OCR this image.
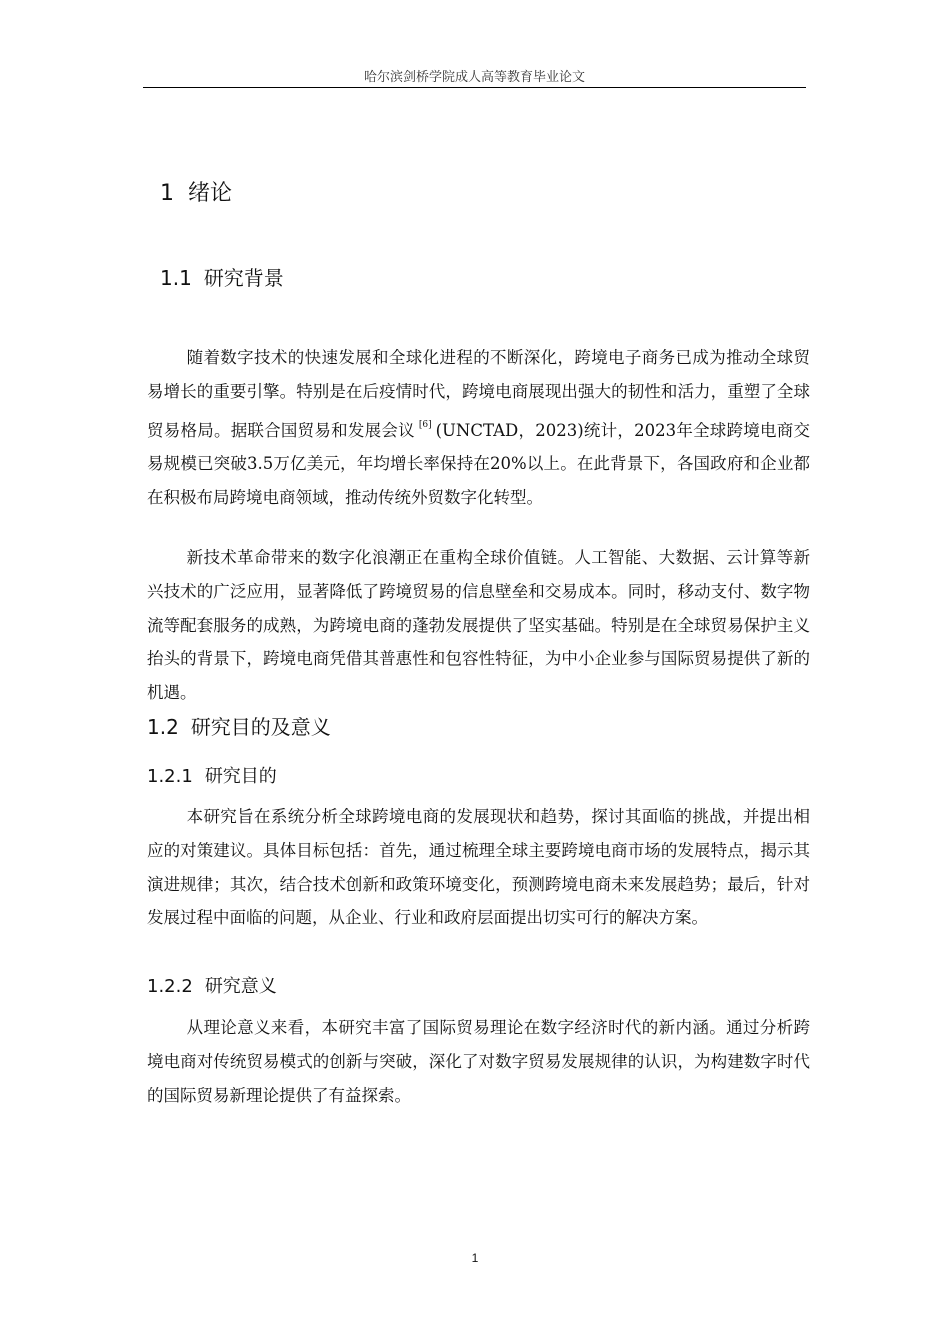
哈尔滨剑桥学院成人高等教育毕业论文
1 绪论
1.1 研究背景

随着数字技术的快速发展和全球化进程的不断深化，跨境电子商务已成为推动全球贸易增长的重要引擎。特别是在后疫情时代，跨境电商展现出强大的韧性和活力，重塑了全球贸易格局。据联合国贸易和发展会议 [6] (UNCTAD，2023)统计，2023年全球跨境电商交易规模已突破3.5万亿美元，年均增长率保持在20%以上。在此背景下，各国政府和企业都在积极布局跨境电商领域，推动传统外贸数字化转型。

新技术革命带来的数字化浪潮正在重构全球价值链。人工智能、大数据、云计算等新兴技术的广泛应用，显著降低了跨境贸易的信息壁垒和交易成本。同时，移动支付、数字物流等配套服务的成熟，为跨境电商的蓬勃发展提供了坚实基础。特别是在全球贸易保护主义抬头的背景下，跨境电商凭借其普惠性和包容性特征，为中小企业参与国际贸易提供了新的机遇。

1.2 研究目的及意义
1.2.1 研究目的

本研究旨在系统分析全球跨境电商的发展现状和趋势，探讨其面临的挑战，并提出相应的对策建议。具体目标包括：首先，通过梳理全球主要跨境电商市场的发展特点，揭示其演进规律；其次，结合技术创新和政策环境变化，预测跨境电商未来发展趋势；最后，针对发展过程中面临的问题，从企业、行业和政府层面提出切实可行的解决方案。

1.2.2 研究意义

从理论意义来看，本研究丰富了国际贸易理论在数字经济时代的新内涵。通过分析跨境电商对传统贸易模式的创新与突破，深化了对数字贸易发展规律的认识，为构建数字时代的国际贸易新理论提供了有益探索。

1
